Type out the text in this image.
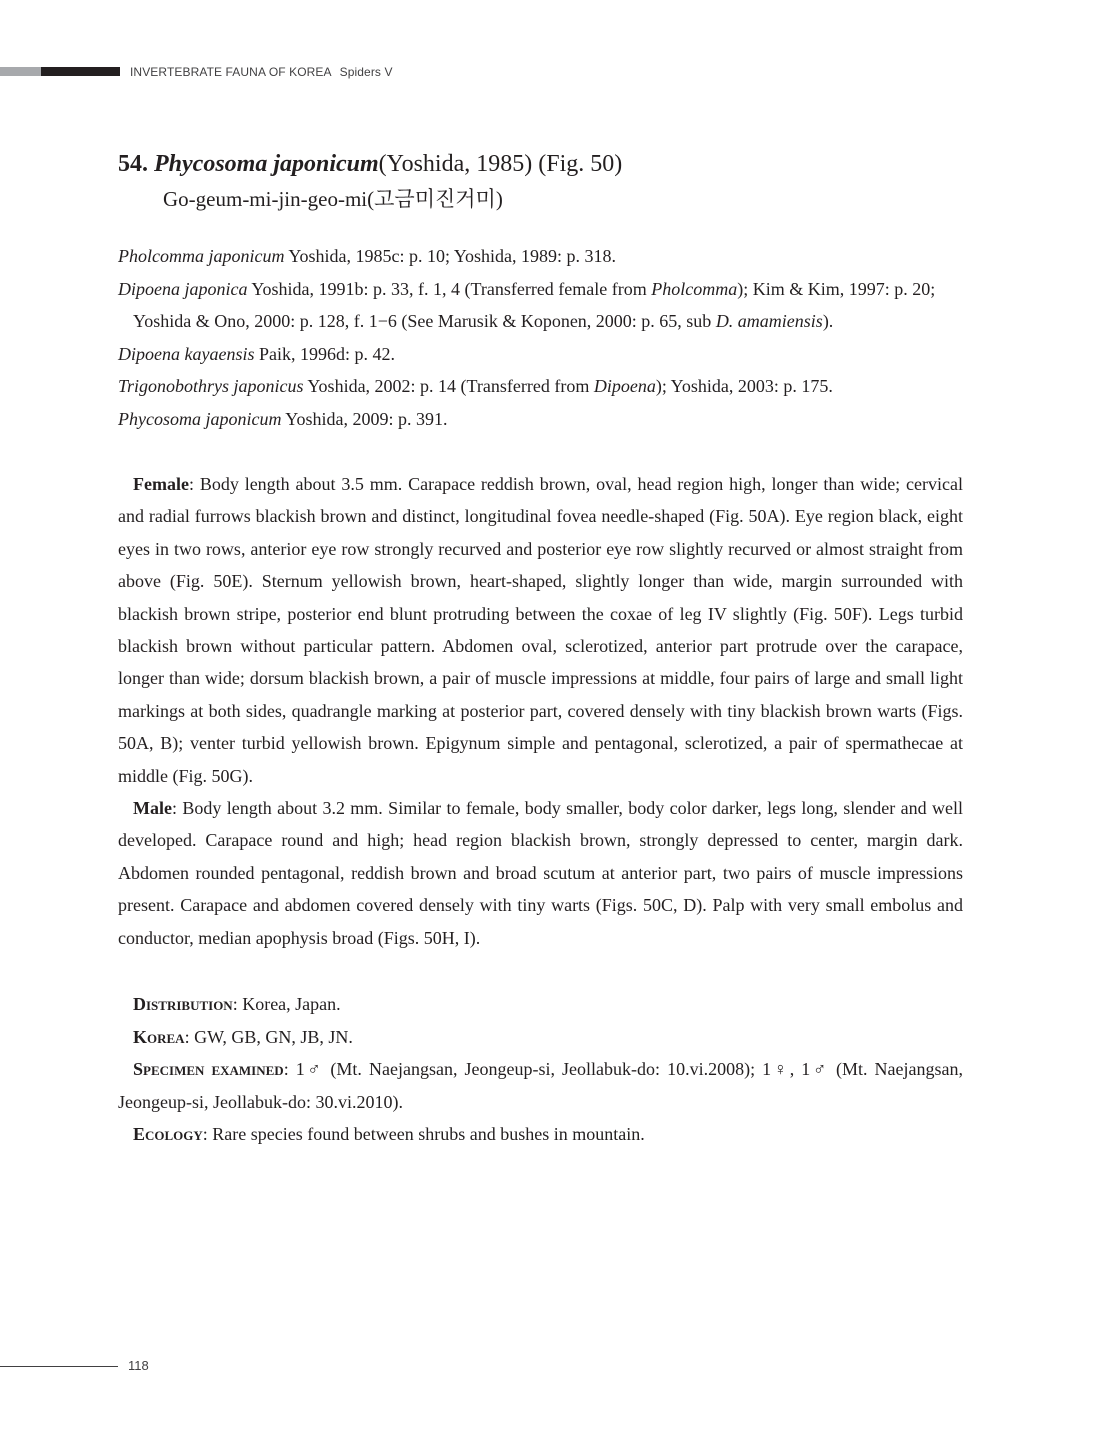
INVERTEBRATE FAUNA OF KOREA Spiders V
54. Phycosoma japonicum(Yoshida, 1985) (Fig. 50)
Go-geum-mi-jin-geo-mi(고금미진거미)

Pholcomma japonicum Yoshida, 1985c: p. 10; Yoshida, 1989: p. 318.

Dipoena japonica Yoshida, 1991b: p. 33, f. 1, 4 (Transferred female from Pholcomma); Kim & Kim, 1997: p. 20; Yoshida & Ono, 2000: p. 128, f. 1−6 (See Marusik & Koponen, 2000: p. 65, sub D. amamiensis).

Dipoena kayaensis Paik, 1996d: p. 42.

Trigonobothrys japonicus Yoshida, 2002: p. 14 (Transferred from Dipoena); Yoshida, 2003: p. 175.

Phycosoma japonicum Yoshida, 2009: p. 391.

Female: Body length about 3.5 mm. Carapace reddish brown, oval, head region high, longer than wide; cervical and radial furrows blackish brown and distinct, longitudinal fovea needle-shaped (Fig. 50A). Eye region black, eight eyes in two rows, anterior eye row strongly recurved and posterior eye row slightly recurved or almost straight from above (Fig. 50E). Sternum yellowish brown, heart-shaped, slightly longer than wide, margin surrounded with blackish brown stripe, posterior end blunt protruding between the coxae of leg IV slightly (Fig. 50F). Legs turbid blackish brown without particular pattern. Abdomen oval, sclerotized, anterior part protrude over the carapace, longer than wide; dorsum blackish brown, a pair of muscle impressions at middle, four pairs of large and small light markings at both sides, quadrangle marking at posterior part, covered densely with tiny blackish brown warts (Figs. 50A, B); venter turbid yellowish brown. Epigynum simple and pentagonal, sclerotized, a pair of spermathecae at middle (Fig. 50G).

Male: Body length about 3.2 mm. Similar to female, body smaller, body color darker, legs long, slender and well developed. Carapace round and high; head region blackish brown, strongly depressed to center, margin dark. Abdomen rounded pentagonal, reddish brown and broad scutum at anterior part, two pairs of muscle impressions present. Carapace and abdomen covered densely with tiny warts (Figs. 50C, D). Palp with very small embolus and conductor, median apophysis broad (Figs. 50H, I).

Distribution: Korea, Japan.

Korea: GW, GB, GN, JB, JN.

Specimen examined: 1♂ (Mt. Naejangsan, Jeongeup-si, Jeollabuk-do: 10.vi.2008); 1♀, 1♂ (Mt. Naejangsan, Jeongeup-si, Jeollabuk-do: 30.vi.2010).

Ecology: Rare species found between shrubs and bushes in mountain.

118
